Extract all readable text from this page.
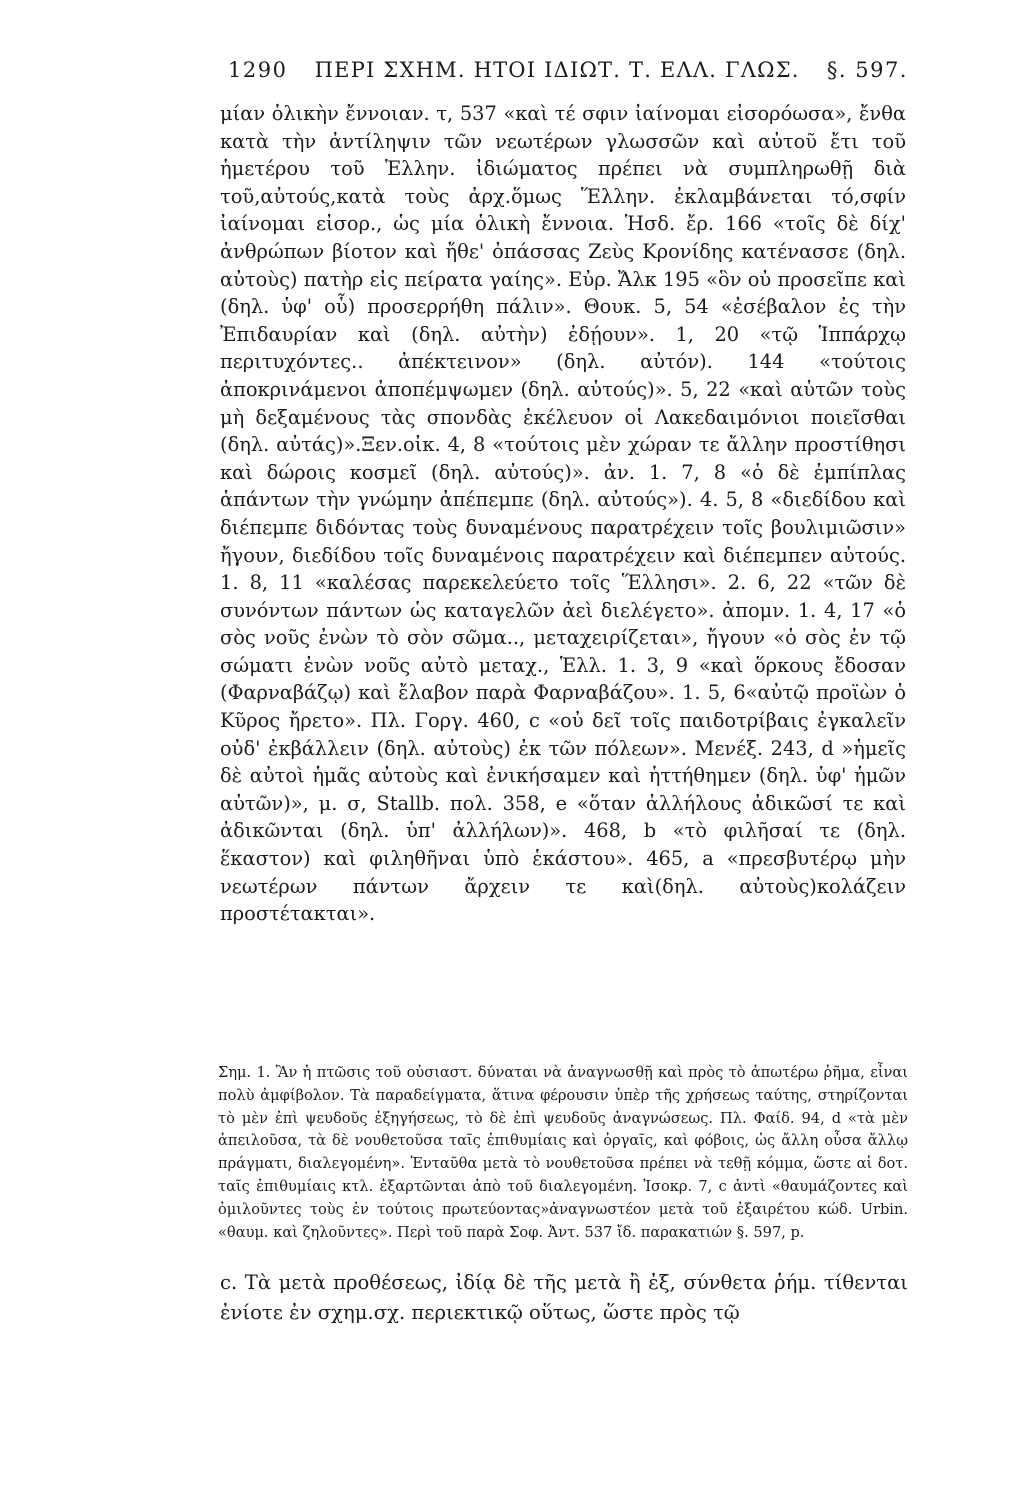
1290 ΠΕΡΙ ΣΧΗΜ. ΗΤΟΙ ΙΔΙΩΤ. Τ. ΕΛΛ. ΓΛΩΣ. §. 597.

μίαν ὁλικὴν ἔννοιαν. τ, 537 «καὶ τέ σφιν ἰαίνομαι εἰσορόωσα», ἔνθα κατὰ τὴν ἀντίληψιν τῶν νεωτέρων γλωσσῶν καὶ αὐτοῦ ἔτι τοῦ ἡμετέρου τοῦ Ἑλλην. ἰδιώματος πρέπει νὰ συμπληρωθῇ διὰ τοῦ,αὐτούς,κατὰ τοὺς ἀρχ.ὅμως Ἕλλην. ἐκλαμβάνεται τό,σφίν ἰαίνομαι εἰσορ., ὡς μία ὁλικὴ ἔννοια. Ἡσδ. ἔρ. 166 «τοῖς δὲ δίχ' ἀνθρώπων βίοτον καὶ ἤθε' ὀπάσσας Ζεὺς Κρονίδης κατένασσε (δηλ. αὐτοὺς) πατὴρ εἰς πείρατα γαίης». Εὐρ. Ἄλκ 195 «ὃν οὐ προσεῖπε καὶ (δηλ. ὑφ' οὗ) προσερρήθη πάλιν». Θουκ. 5, 54 «ἐσέβαλον ἐς τὴν Ἐπιδαυρίαν καὶ (δηλ. αὐτὴν) ἐδῄουν». 1, 20 «τῷ Ἱππάρχῳ περιτυχόντες.. ἀπέκτεινον» (δηλ. αὐτόν). 144 «τούτοις ἀποκρινάμενοι ἀποπέμψωμεν (δηλ. αὐτούς)». 5, 22 «καὶ αὐτῶν τοὺς μὴ δεξαμένους τὰς σπονδὰς ἐκέλευον οἱ Λακεδαιμόνιοι ποιεῖσθαι (δηλ. αὐτάς)».Ξεν.οἰκ. 4, 8 «τούτοις μὲν χώραν τε ἄλλην προστίθησι καὶ δώροις κοσμεῖ (δηλ. αὐτούς)». ἀν. 1. 7, 8 «ὁ δὲ ἐμπίπλας ἁπάντων τὴν γνώμην ἀπέπεμπε (δηλ. αὐτούς»). 4. 5, 8 «διεδίδου καὶ διέπεμπε διδόντας τοὺς δυναμένους παρατρέχειν τοῖς βουλιμιῶσιν» ἤγουν, διεδίδου τοῖς δυναμένοις παρατρέχειν καὶ διέπεμπεν αὐτούς. 1. 8, 11 «καλέσας παρεκελεύετο τοῖς Ἕλλησι». 2. 6, 22 «τῶν δὲ συνόντων πάντων ὡς καταγελῶν ἀεὶ διελέγετο». ἀπομν. 1. 4, 17 «ὁ σὸς νοῦς ἐνὼν τὸ σὸν σῶμα.., μεταχειρίζεται», ἤγουν «ὁ σὸς ἐν τῷ σώματι ἐνὼν νοῦς αὐτὸ μεταχ., Ἑλλ. 1. 3, 9 «καὶ ὅρκους ἔδοσαν (Φαρναβάζῳ) καὶ ἔλαβον παρὰ Φαρναβάζου». 1. 5, 6«αὐτῷ προϊὼν ὁ Κῦρος ἤρετο». Πλ. Γοργ. 460, c «οὐ δεῖ τοῖς παιδοτρίβαις ἐγκαλεῖν οὐδ' ἐκβάλλειν (δηλ. αὐτοὺς) ἐκ τῶν πόλεων». Μενέξ. 243, d »ἡμεῖς δὲ αὐτοὶ ἡμᾶς αὐτοὺς καὶ ἐνικήσαμεν καὶ ἡττήθημεν (δηλ. ὑφ' ἡμῶν αὐτῶν)», μ. σ, Stallb. πολ. 358, e «ὅταν ἀλλήλους ἀδικῶσί τε καὶ ἀδικῶνται (δηλ. ὑπ' ἀλλήλων)». 468, b «τὸ φιλῆσαί τε (δηλ. ἕκαστον) καὶ φιληθῆναι ὑπὸ ἑκάστου». 465, a «πρεσβυτέρῳ μὴν νεωτέρων πάντων ἄρχειν τε καὶ(δηλ. αὐτοὺς)κολάζειν προστέτακται».

Σημ. 1. Ἂν ἡ πτῶσις τοῦ οὐσιαστ. δύναται νὰ ἀναγνωσθῇ καὶ πρὸς τὸ ἀπωτέρω ῥῆμα, εἶναι πολὺ ἀμφίβολον. Τὰ παραδείγματα, ἅτινα φέρουσιν ὑπὲρ τῆς χρήσεως ταύτης, στηρίζονται τὸ μὲν ἐπὶ ψευδοῦς ἐξηγήσεως, τὸ δὲ ἐπὶ ψευδοῦς ἀναγνώσεως. Πλ. Φαίδ. 94, d «τὰ μὲν ἀπειλοῦσα, τὰ δὲ νουθετοῦσα ταῖς ἐπιθυμίαις καὶ ὀργαῖς, καὶ φόβοις, ὡς ἄλλη οὖσα ἄλλῳ πράγματι, διαλεγομένη». Ἐνταῦθα μετὰ τὸ νουθετοῦσα πρέπει νὰ τεθῇ κόμμα, ὥστε αἱ δοτ. ταῖς ἐπιθυμίαις κτλ. ἐξαρτῶνται ἀπὸ τοῦ διαλεγομένη. Ἰσοκρ. 7, c ἀντὶ «θαυμάζοντες καὶ ὁμιλοῦντες τοὺς ἐν τούτοις πρωτεύοντας»ἀναγνωστέον μετὰ τοῦ ἐξαιρέτου κώδ. Urbin. «θαυμ. καὶ ζηλοῦντες». Περὶ τοῦ παρὰ Σοφ. Ἀντ. 537 ἴδ. παρακατιών §. 597, p.

c. Τὰ μετὰ προθέσεως, ἰδίᾳ δὲ τῆς μετὰ ἢ ἐξ, σύνθετα ῥήμ. τίθενται ἐνίοτε ἐν σχημ.σχ. περιεκτικῷ οὕτως, ὥστε πρὸς τῷ
